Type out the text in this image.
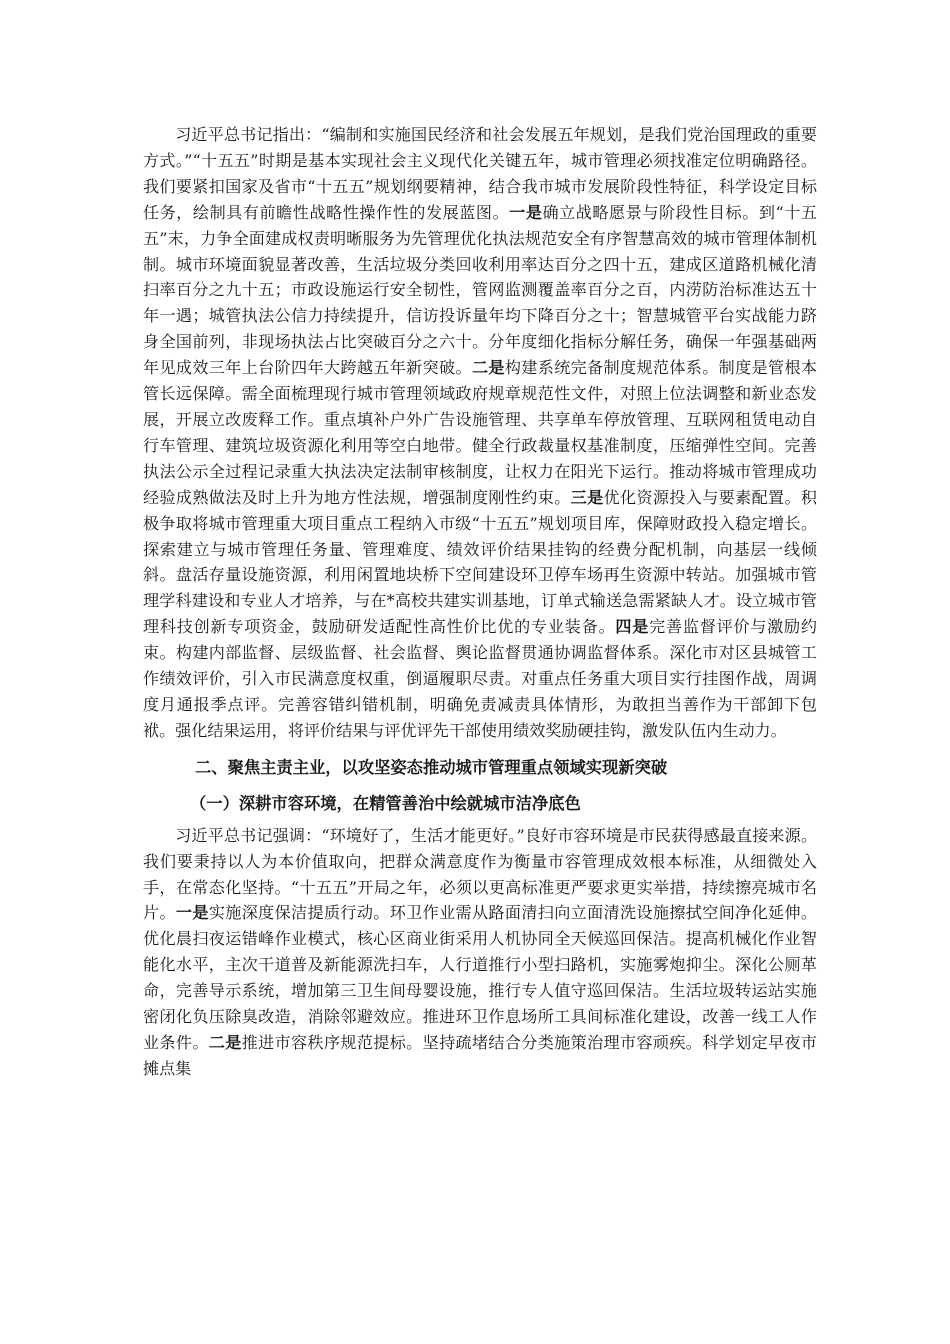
习近平总书记指出：“编制和实施国民经济和社会发展五年规划，是我们党治国理政的重要方式。”“十五五”时期是基本实现社会主义现代化关键五年，城市管理必须找准定位明确路径。我们要紧扣国家及省市“十五五”规划纲要精神，结合我市城市发展阶段性特征，科学设定目标任务，绘制具有前瞻性战略性操作性的发展蓝图。一是确立战略愿景与阶段性目标。到“十五五”末，力争全面建成权责明晰服务为先管理优化执法规范安全有序智慧高效的城市管理体制机制。城市环境面貌显著改善，生活垃圾分类回收利用率达百分之四十五，建成区道路机械化清扫率百分之九十五；市政设施运行安全韧性，管网监测覆盖率百分之百，内涝防治标准达五十年一遇；城管执法公信力持续提升，信访投诉量年均下降百分之十；智慧城管平台实战能力跻身全国前列，非现场执法占比突破百分之六十。分年度细化指标分解任务，确保一年强基础两年见成效三年上台阶四年大跨越五年新突破。二是构建系统完备制度规范体系。制度是管根本管长远保障。需全面梳理现行城市管理领域政府规章规范性文件，对照上位法调整和新业态发展，开展立改废释工作。重点填补户外广告设施管理、共享单车停放管理、互联网租赁电动自行车管理、建筑垃圾资源化利用等空白地带。健全行政裁量权基准制度，压缩弹性空间。完善执法公示全过程记录重大执法决定法制审核制度，让权力在阳光下运行。推动将城市管理成功经验成熟做法及时上升为地方性法规，增强制度刚性约束。三是优化资源投入与要素配置。积极争取将城市管理重大项目重点工程纳入市级“十五五”规划项目库，保障财政投入稳定增长。探索建立与城市管理任务量、管理难度、绩效评价结果挂钩的经费分配机制，向基层一线倾斜。盘活存量设施资源，利用闲置地块桥下空间建设环卫停车场再生资源中转站。加强城市管理学科建设和专业人才培养，与在*高校共建实训基地，订单式输送急需紧缺人才。设立城市管理科技创新专项资金，鼓励研发适配性高性价比优的专业装备。四是完善监督评价与激励约束。构建内部监督、层级监督、社会监督、舆论监督贯通协调监督体系。深化市对区县城管工作绩效评价，引入市民满意度权重，倒逼履职尽责。对重点任务重大项目实行挂图作战，周调度月通报季点评。完善容错纠错机制，明确免责减责具体情形，为敢担当善作为干部卸下包袱。强化结果运用，将评价结果与评优评先干部使用绩效奖励硬挂钩，激发队伍内生动力。

二、聚焦主责主业，以攻坚姿态推动城市管理重点领域实现新突破
（一）深耕市容环境，在精管善治中绘就城市洁净底色

习近平总书记强调：“环境好了，生活才能更好。”良好市容环境是市民获得感最直接来源。我们要秉持以人为本价值取向，把群众满意度作为衡量市容管理成效根本标准，从细微处入手，在常态化坚持。“十五五”开局之年，必须以更高标准更严要求更实举措，持续擦亮城市名片。一是实施深度保洁提质行动。环卫作业需从路面清扫向立面清洗设施擦拭空间净化延伸。优化晨扫夜运错峰作业模式，核心区商业街采用人机协同全天候巡回保洁。提高机械化作业智能化水平，主次干道普及新能源洗扫车，人行道推行小型扫路机，实施雾炮抑尘。深化公厕革命，完善导示系统，增加第三卫生间母婴设施，推行专人值守巡回保洁。生活垃圾转运站实施密闭化负压除臭改造，消除邻避效应。推进环卫作息场所工具间标准化建设，改善一线工人作业条件。二是推进市容秩序规范提标。坚持疏堵结合分类施策治理市容顽疾。科学划定早夜市摊点集
